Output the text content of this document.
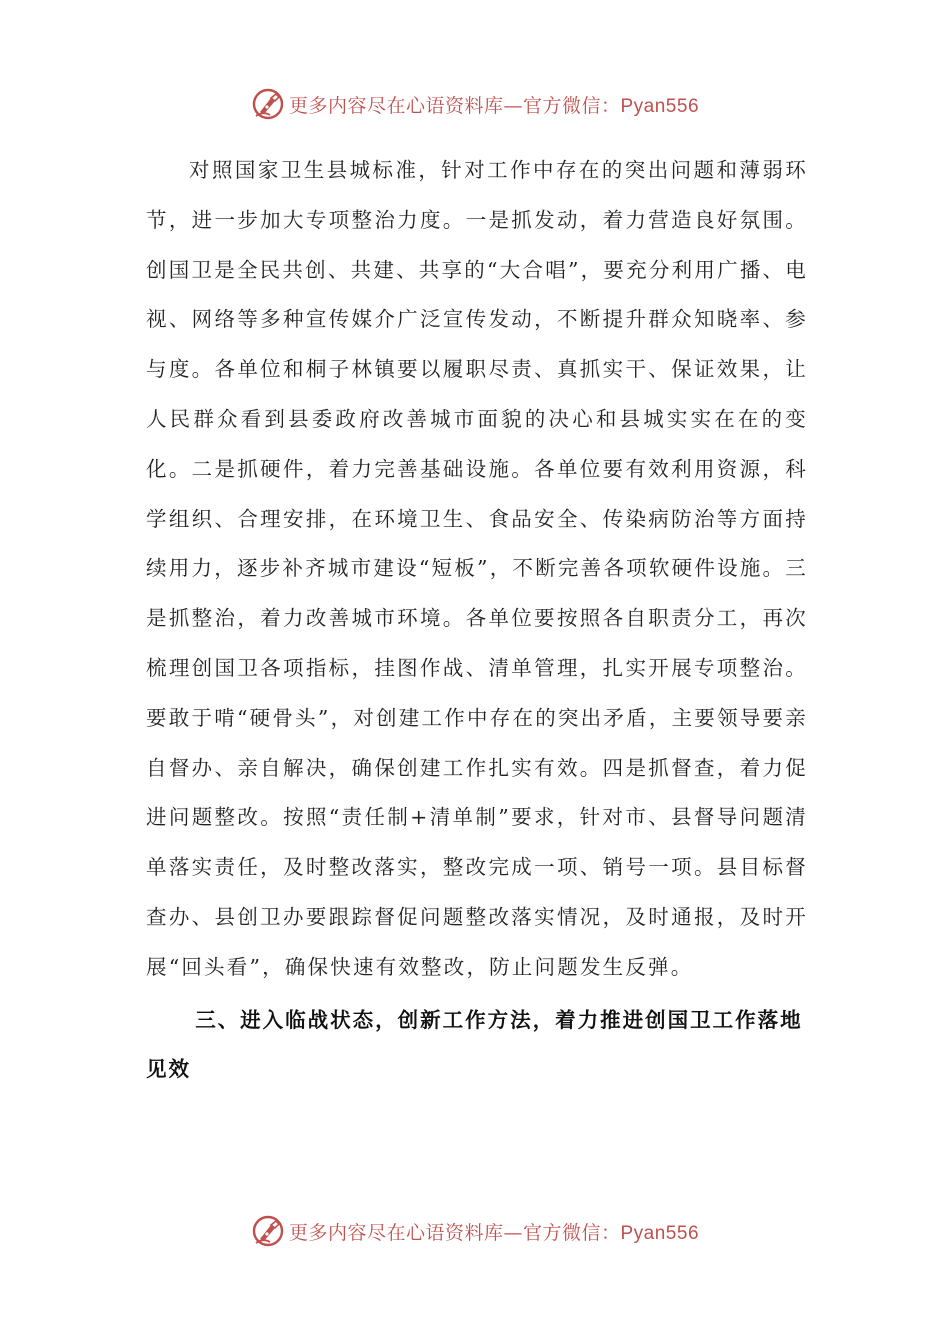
更多内容尽在心语资料库—官方微信：Pyan556

对照国家卫生县城标准，针对工作中存在的突出问题和薄弱环节，进一步加大专项整治力度。一是抓发动，着力营造良好氛围。创国卫是全民共创、共建、共享的“大合唱”，要充分利用广播、电视、网络等多种宣传媒介广泛宣传发动，不断提升群众知晓率、参与度。各单位和桐子林镇要以履职尽责、真抓实干、保证效果，让人民群众看到县委政府改善城市面貌的决心和县城实实在在的变化。二是抓硬件，着力完善基础设施。各单位要有效利用资源，科学组织、合理安排，在环境卫生、食品安全、传染病防治等方面持续用力，逐步补齐城市建设“短板”，不断完善各项软硬件设施。三是抓整治，着力改善城市环境。各单位要按照各自职责分工，再次梳理创国卫各项指标，挂图作战、清单管理，扎实开展专项整治。要敢于啃“硬骨头”，对创建工作中存在的突出矛盾，主要领导要亲自督办、亲自解决，确保创建工作扎实有效。四是抓督查，着力促进问题整改。按照“责任制+清单制”要求，针对市、县督导问题清单落实责任，及时整改落实，整改完成一项、销号一项。县目标督查办、县创卫办要跟踪督促问题整改落实情况，及时通报，及时开展“回头看”，确保快速有效整改，防止问题发生反弹。

三、进入临战状态，创新工作方法，着力推进创国卫工作落地见效

更多内容尽在心语资料库—官方微信：Pyan556
